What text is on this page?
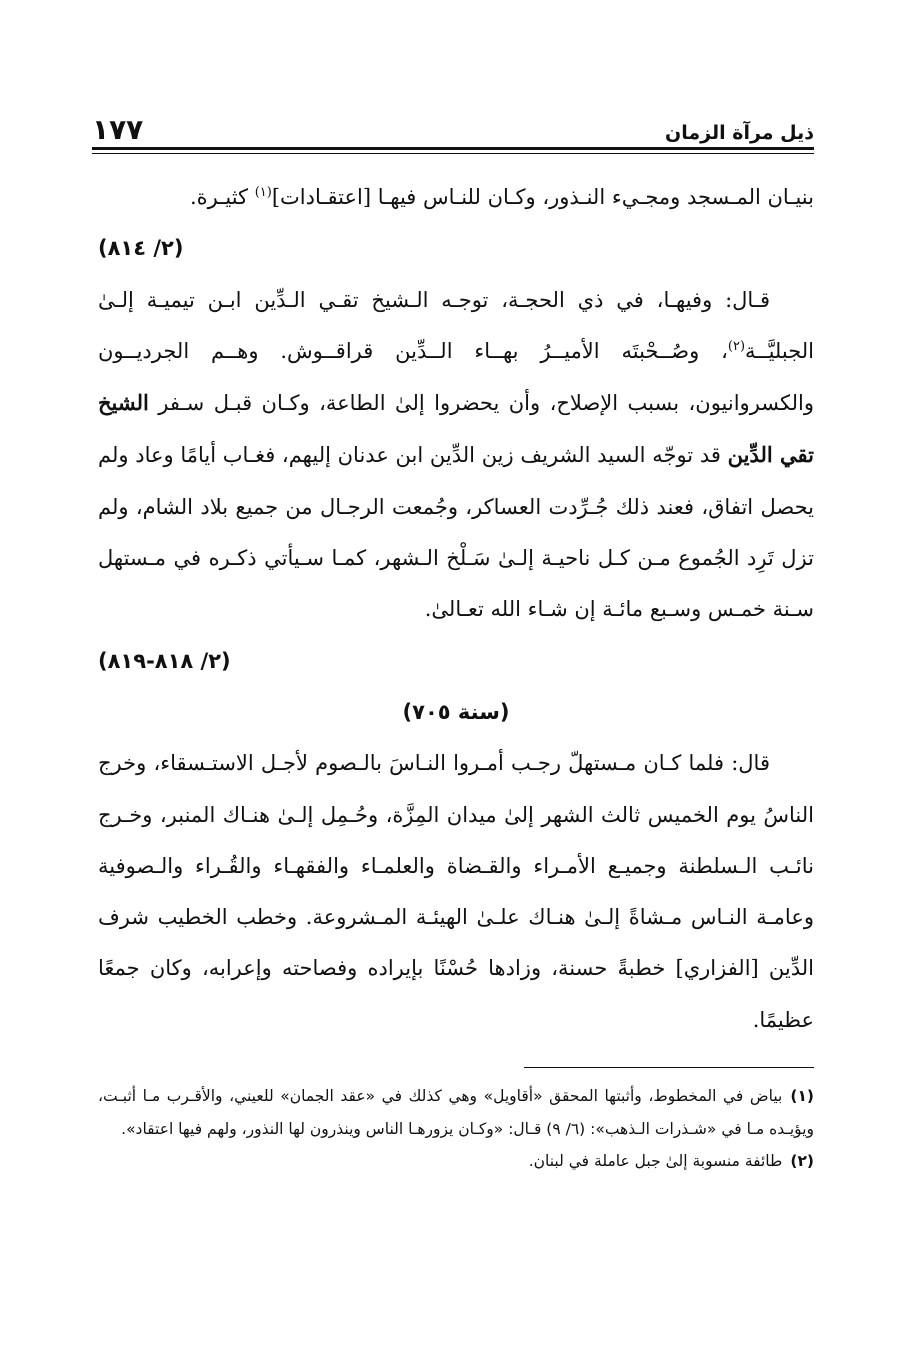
ذيل مرآة الزمان
١٧٧

بنيـان المـسجد ومجـيء النـذور، وكـان للنـاس فيهـا [اعتقـادات]$^{(١)}$ كثيـرة.
(٢/ ٨١٤)

قـال: وفيهـا، في ذي الحجـة، توجـه الـشيخ تقـي الـدِّين ابـن تيميـة إلـىٰ الجبليَّــة$^{(٢)}$، وصُــحْبتَه الأميــرُ بهــاء الــدِّين قراقــوش. وهــم الجرديــون والكسروانيون، بسبب الإصلاح، وأن يحضروا إلىٰ الطاعة، وكـان قبـل سـفر الشيخ تقي الدِّين قد توجّه السيد الشريف زين الدِّين ابن عدنان إليهم، فغـاب أيامًا وعاد ولم يحصل اتفاق، فعند ذلك جُـرِّدت العساكر، وجُمعت الرجـال من جميع بلاد الشام، ولم تزل تَرِد الجُموع مـن كـل ناحيـة إلـىٰ سَـلْخ الـشهر، كمـا سـيأتي ذكـره في مـستهل سـنة خمـس وسـبع مائـة إن شـاء الله تعـالىٰ.
(٢/ ٨١٨-٨١٩)

(سنة ٧٠٥)

قال: فلما كـان مـستهلّ رجـب أمـروا النـاسَ بالـصوم لأجـل الاستـسقاء، وخرج الناسُ يوم الخميس ثالث الشهر إلىٰ ميدان المِزَّة، وحُـمِل إلـىٰ هنـاك المنبر، وخـرج نائـب الـسلطنة وجميـع الأمـراء والقـضاة والعلمـاء والفقهـاء والقُـراء والـصوفية وعامـة النـاس مـشاةً إلـىٰ هنـاك علـىٰ الهيئـة المـشروعة. وخطب الخطيب شرف الدِّين [الفزاري] خطبةً حسنة، وزادها حُسْنًا بإيراده وفصاحته وإعرابه، وكان جمعًا عظيمًا.

(١)بياض في المخطوط، وأثبتها المحقق «أقاويل» وهي كذلك في «عقد الجمان» للعيني، والأقـرب مـا أثبـت، ويؤيـده مـا في «شـذرات الـذهب»: (٦/ ٩) قـال: «وكـان يزورهـا الناس وينذرون لها النذور، ولهم فيها اعتقاد».

(٢)طائفة منسوبة إلىٰ جبل عاملة في لبنان.
